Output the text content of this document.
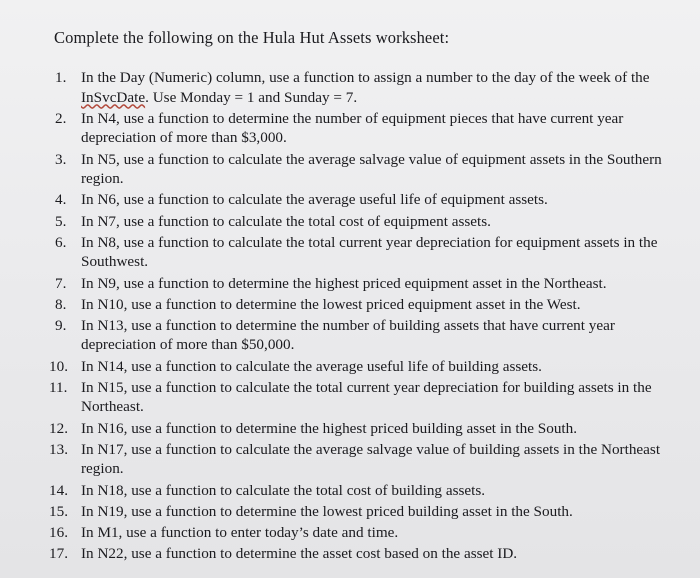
Complete the following on the Hula Hut Assets worksheet:
1. In the Day (Numeric) column, use a function to assign a number to the day of the week of the InSvcDate. Use Monday = 1 and Sunday = 7.
2. In N4, use a function to determine the number of equipment pieces that have current year depreciation of more than $3,000.
3. In N5, use a function to calculate the average salvage value of equipment assets in the Southern region.
4. In N6, use a function to calculate the average useful life of equipment assets.
5. In N7, use a function to calculate the total cost of equipment assets.
6. In N8, use a function to calculate the total current year depreciation for equipment assets in the Southwest.
7. In N9, use a function to determine the highest priced equipment asset in the Northeast.
8. In N10, use a function to determine the lowest priced equipment asset in the West.
9. In N13, use a function to determine the number of building assets that have current year depreciation of more than $50,000.
10. In N14, use a function to calculate the average useful life of building assets.
11. In N15, use a function to calculate the total current year depreciation for building assets in the Northeast.
12. In N16, use a function to determine the highest priced building asset in the South.
13. In N17, use a function to calculate the average salvage value of building assets in the Northeast region.
14. In N18, use a function to calculate the total cost of building assets.
15. In N19, use a function to determine the lowest priced building asset in the South.
16. In M1, use a function to enter today’s date and time.
17. In N22, use a function to determine the asset cost based on the asset ID.
